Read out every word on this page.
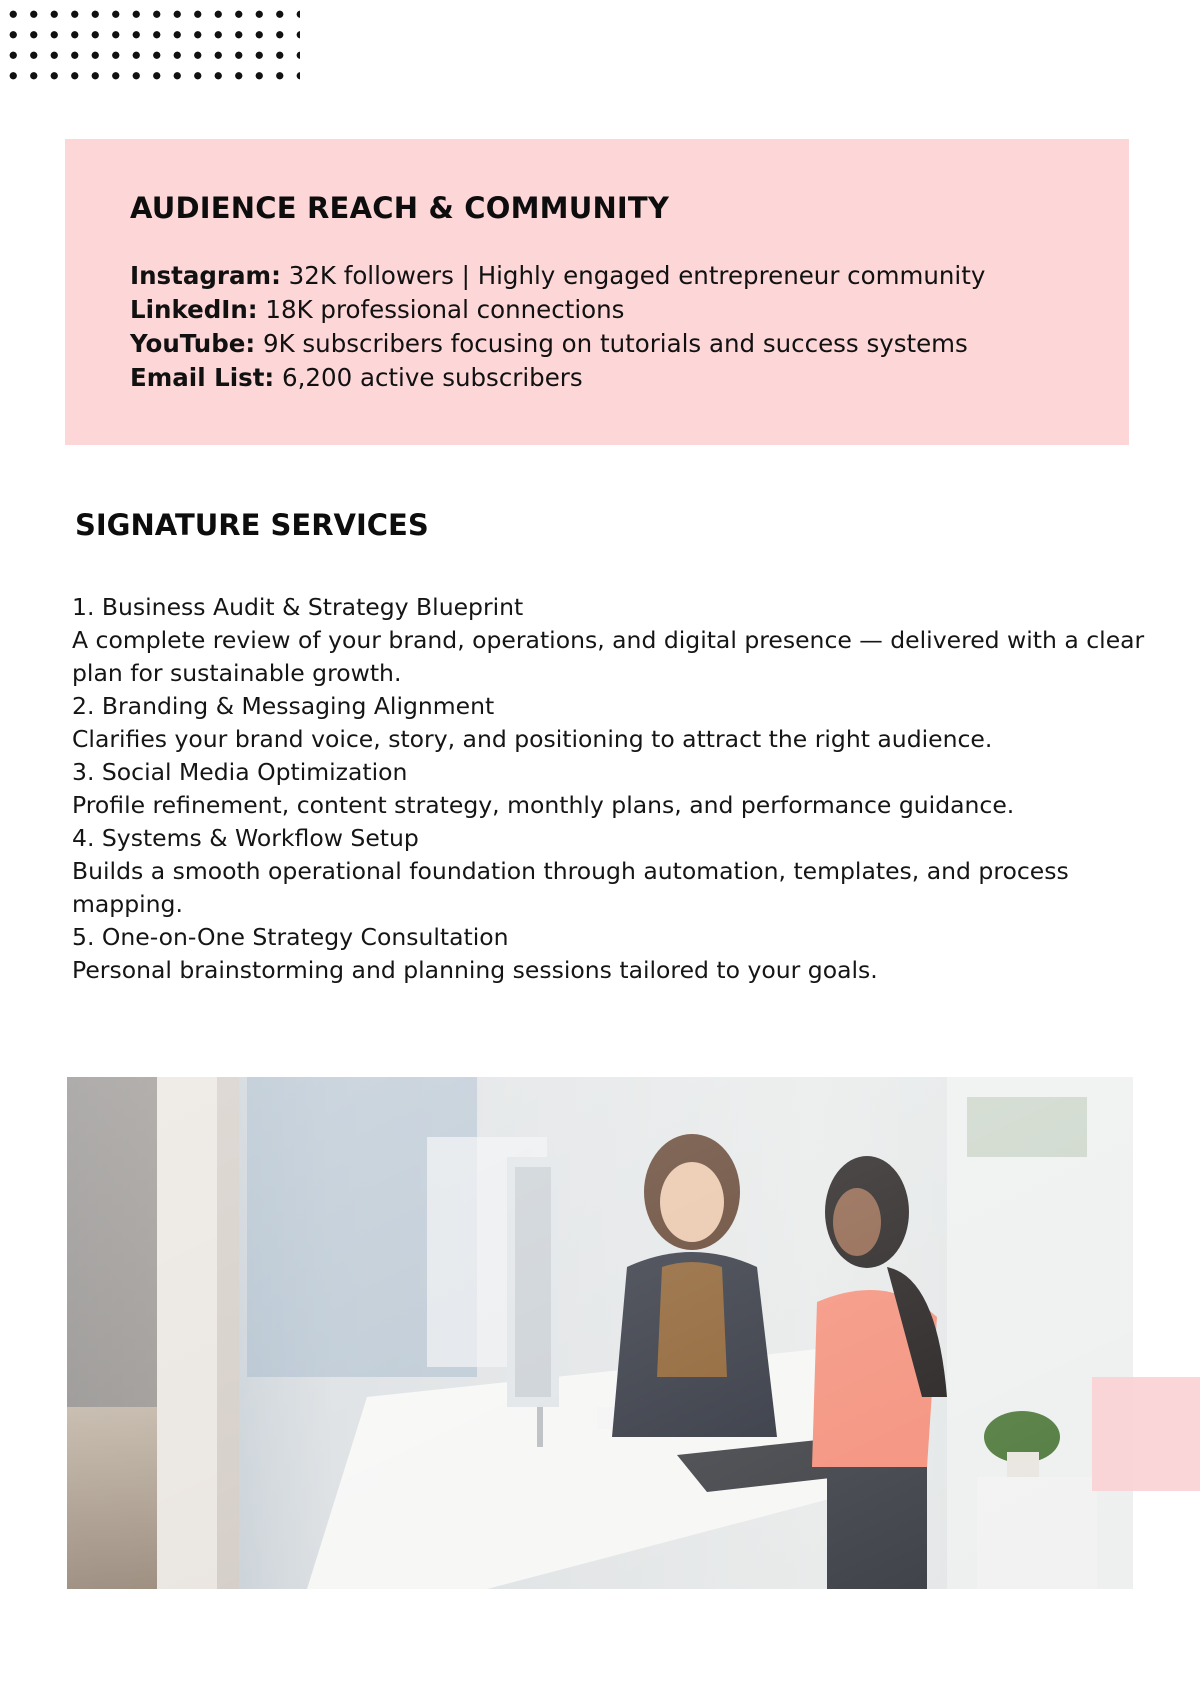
AUDIENCE REACH & COMMUNITY
Instagram: 32K followers | Highly engaged entrepreneur community
LinkedIn: 18K professional connections
YouTube: 9K subscribers focusing on tutorials and success systems
Email List: 6,200 active subscribers
SIGNATURE SERVICES

1. Business Audit & Strategy Blueprint

A complete review of your brand, operations, and digital presence — delivered with a clear plan for sustainable growth.

2. Branding & Messaging Alignment

Clarifies your brand voice, story, and positioning to attract the right audience.

3. Social Media Optimization

Profile refinement, content strategy, monthly plans, and performance guidance.

4. Systems & Workflow Setup

Builds a smooth operational foundation through automation, templates, and process mapping.

5. One-on-One Strategy Consultation

Personal brainstorming and planning sessions tailored to your goals.
